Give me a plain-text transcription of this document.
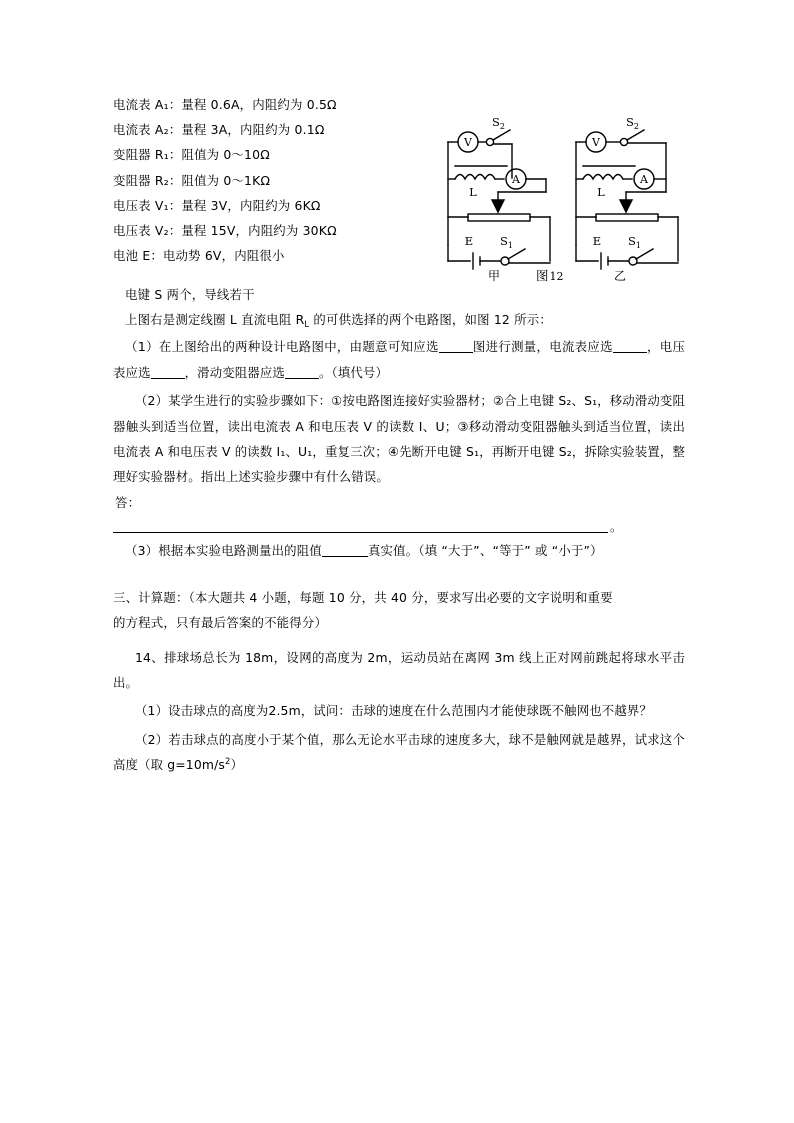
电流表 A₁：量程 0.6A，内阻约为 0.5Ω
电流表 A₂：量程 3A，内阻约为 0.1Ω
变阻器 R₁：阻值为 0～10Ω
变阻器 R₂：阻值为 0～1KΩ
电压表 V₁：量程 3V，内阻约为 6KΩ
电压表 V₂：量程 15V，内阻约为 30KΩ
电池 E：电动势 6V，内阻很小
V
A
L
E
$S_2$
$S_1$
甲
V
A
L
E
$S_2$
$S_1$
乙
图12
电键 S 两个，导线若干
上图右是测定线圈 L 直流电阻 $R_L$ 的可供选择的两个电路图，如图 12 所示：
（1）在上图给出的两种设计电路图中，由题意可知应选	图进行测量，电流表应选	，电压表应选	，滑动变阻器应选	。（填代号）
（2）某学生进行的实验步骤如下：①按电路图连接好实验器材；②合上电键 S₂、S₁，移动滑动变阻器触头到适当位置，读出电流表 A 和电压表 V 的读数 I、U；③移动滑动变阻器触头到适当位置，读出电流表 A 和电压表 V 的读数 I₁、U₁，重复三次；④先断开电键 S₁，再断开电键 S₂，拆除实验装置，整理好实验器材。指出上述实验步骤中有什么错误。
答：
。
（3）根据本实验电路测量出的阻值	真实值。（填 “大于”、“等于” 或 “小于”）
三、计算题：（本大题共 4 小题，每题 10 分，共 40 分，要求写出必要的文字说明和重要
的方程式，只有最后答案的不能得分）
14、排球场总长为 18m，设网的高度为 2m，运动员站在离网 3m 线上正对网前跳起将球水平击出。
（1）设击球点的高度为2.5m，试问：击球的速度在什么范围内才能使球既不触网也不越界？
（2）若击球点的高度小于某个值，那么无论水平击球的速度多大，球不是触网就是越界，试求这个高度（取 $g=10m/s^2$）
